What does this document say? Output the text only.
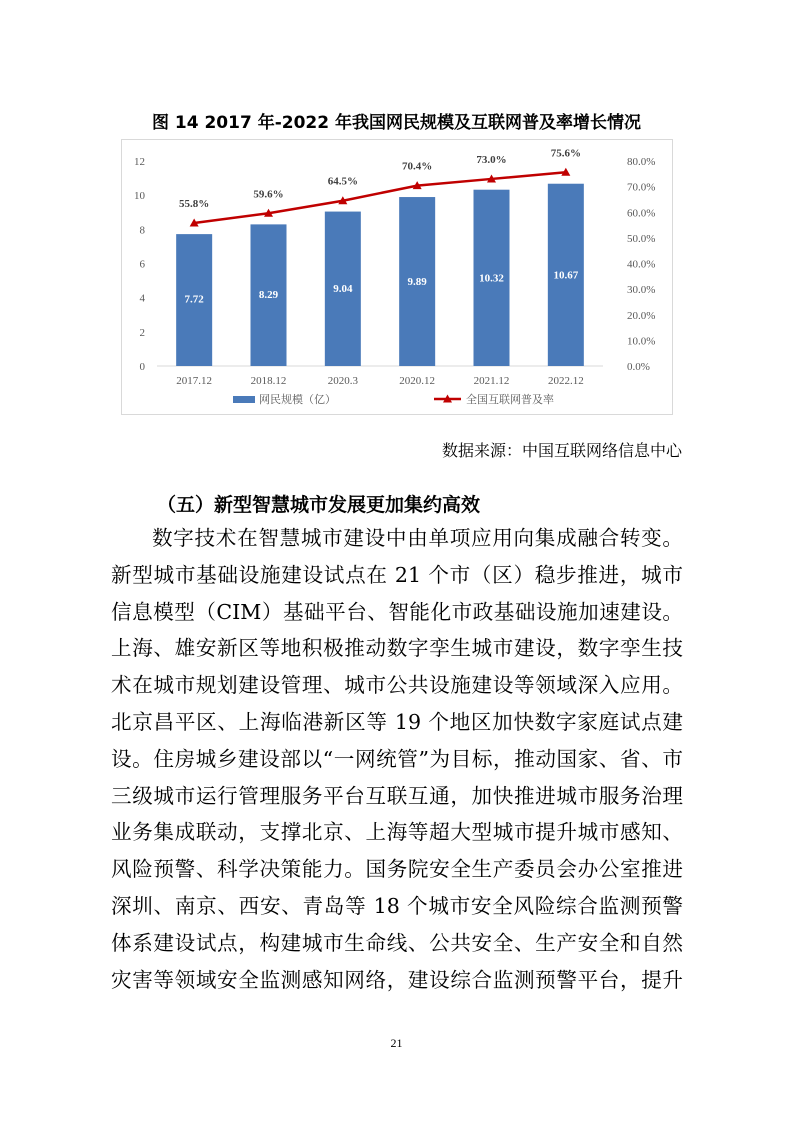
图 14 2017 年-2022 年我国网民规模及互联网普及率增长情况
0
2
4
6
8
10
12
0.0%
10.0%
20.0%
30.0%
40.0%
50.0%
60.0%
70.0%
80.0%
2017.12
7.72
2018.12
8.29
2020.3
9.04
2020.12
9.89
2021.12
10.32
2022.12
10.67
55.8%
59.6%
64.5%
70.4%
73.0%
75.6%
网民规模（亿）	全国互联网普及率
数据来源：中国互联网络信息中心
（五）新型智慧城市发展更加集约高效
数字技术在智慧城市建设中由单项应用向集成融合转变。
新型城市基础设施建设试点在 21 个市（区）稳步推进，城市
信息模型（CIM）基础平台、智能化市政基础设施加速建设。
上海、雄安新区等地积极推动数字孪生城市建设，数字孪生技
术在城市规划建设管理、城市公共设施建设等领域深入应用。
北京昌平区、上海临港新区等 19 个地区加快数字家庭试点建
设。住房城乡建设部以“一网统管”为目标，推动国家、省、市
三级城市运行管理服务平台互联互通，加快推进城市服务治理
业务集成联动，支撑北京、上海等超大型城市提升城市感知、
风险预警、科学决策能力。国务院安全生产委员会办公室推进
深圳、南京、西安、青岛等 18 个城市安全风险综合监测预警
体系建设试点，构建城市生命线、公共安全、生产安全和自然
灾害等领域安全监测感知网络，建设综合监测预警平台，提升
21
